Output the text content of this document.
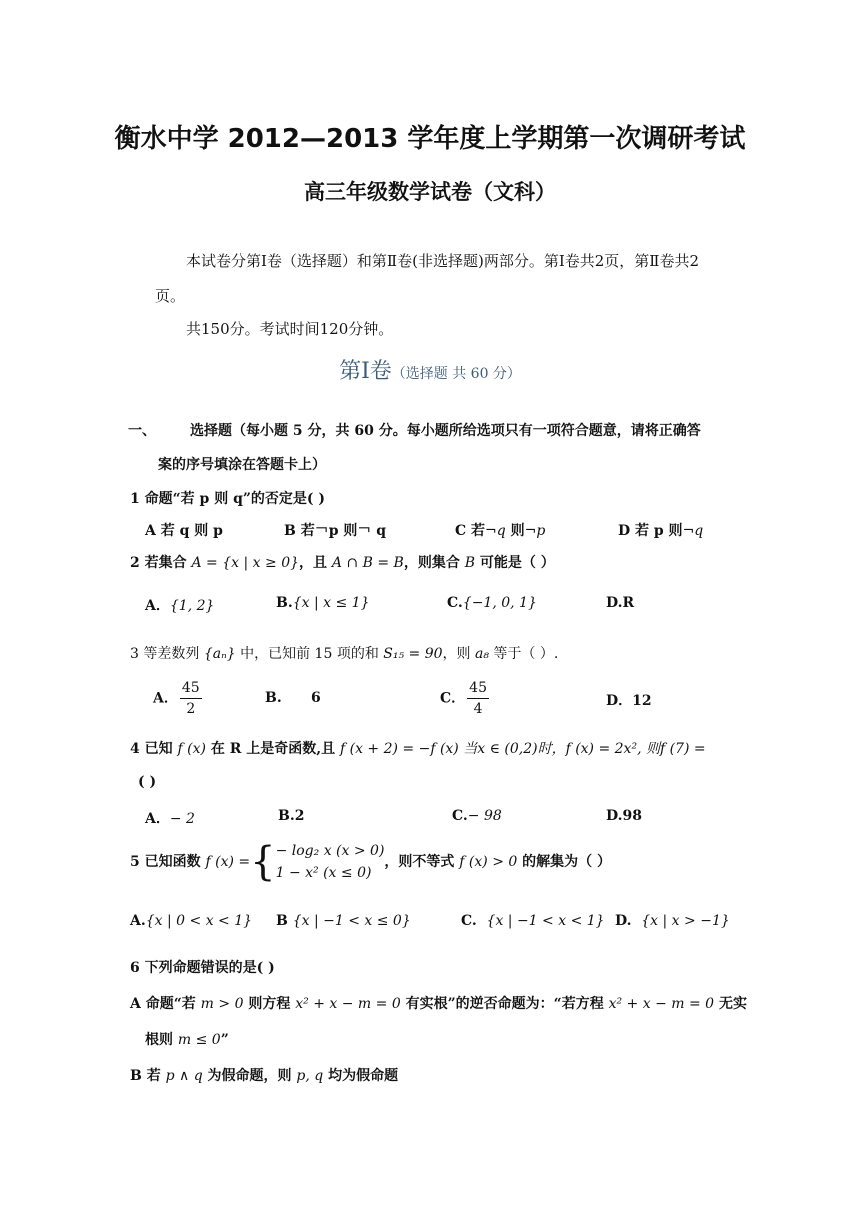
衡水中学 2012—2013 学年度上学期第一次调研考试
高三年级数学试卷（文科）
本试卷分第Ⅰ卷（选择题）和第Ⅱ卷(非选择题)两部分。第Ⅰ卷共2页，第Ⅱ卷共2
页。
共150分。考试时间120分钟。
第Ⅰ卷（选择题 共 60 分）
一、 选择题（每小题 5 分，共 60 分。每小题所给选项只有一项符合题意，请将正确答
案的序号填涂在答题卡上）
1 命题“若 p 则 q”的否定是( )
A 若 q 则 p	B 若￢p 则￢ q	C 若¬q 则¬p	D 若 p 则¬q
2 若集合 A = {x | x ≥ 0}，且 A ∩ B = B，则集合 B 可能是（ ）
A．{1, 2}	B.{x | x ≤ 1}	C.{−1, 0, 1}	D.R
3 等差数列 {aₙ} 中，已知前 15 项的和 S₁₅ = 90，则 a₈ 等于（ ）.
A． $\frac{45}{2}$	B. 6	C． $\frac{45}{4}$	D．12
4 已知 f (x) 在 R 上是奇函数,且 f (x + 2) = −f (x) 当x ∈ (0,2)时，f (x) = 2x², 则f (7) =
( )
A．− 2	B.2	C.− 98	D.98
5 已知函数 f (x) ={ − log₂ x (x > 0)
1 − x² (x ≤ 0)
，则不等式 f (x) > 0 的解集为（ ）
A.{x | 0 < x < 1} B {x | −1 < x ≤ 0}	C. {x | −1 < x < 1} D. {x | x > −1}
6 下列命题错误的是( )
A 命题“若 m > 0 则方程 x² + x − m = 0 有实根”的逆否命题为：“若方程 x² + x − m = 0 无实
根则 m ≤ 0”
B 若 p ∧ q 为假命题，则 p, q 均为假命题
